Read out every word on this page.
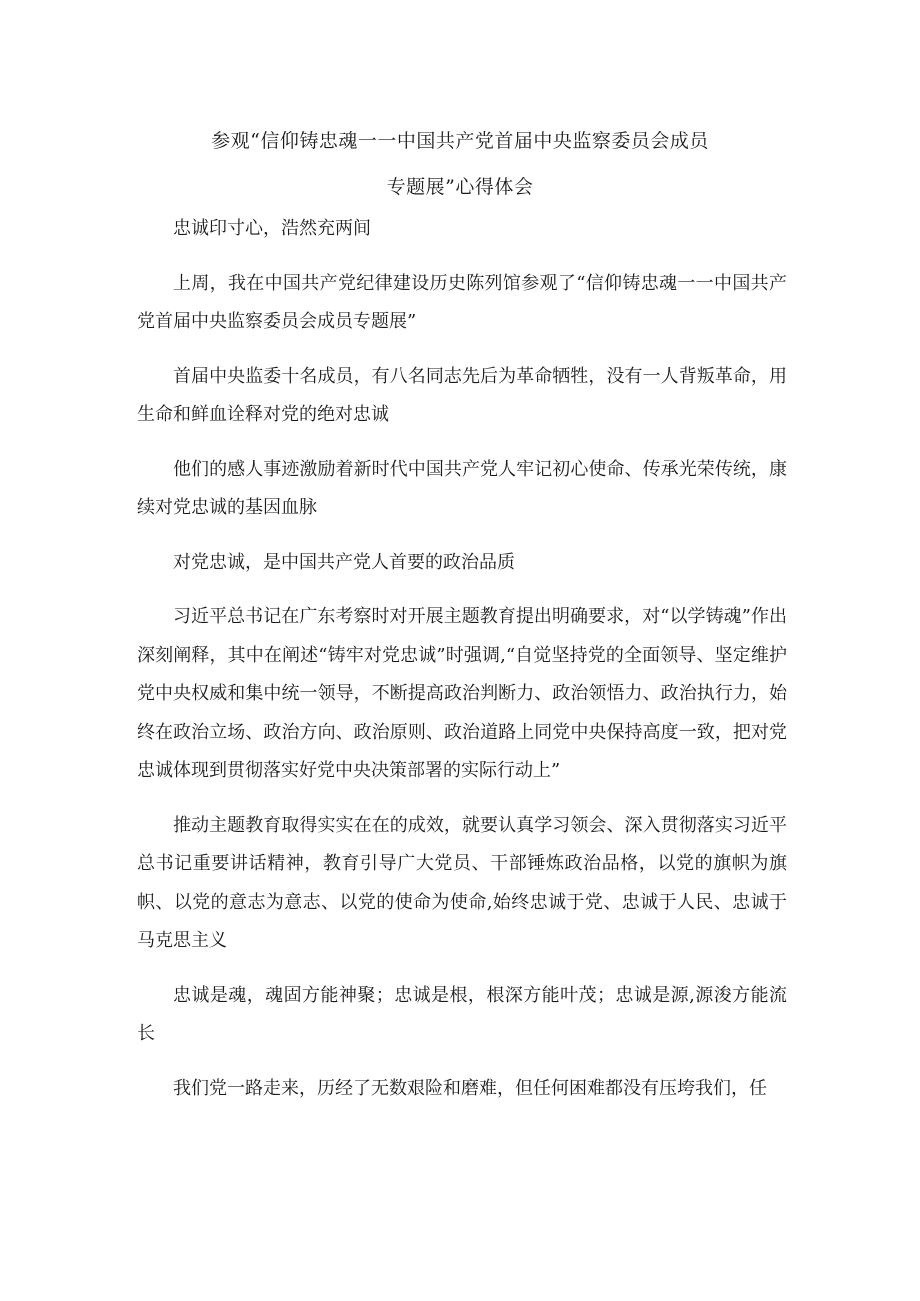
参观“信仰铸忠魂一一中国共产党首届中央监察委员会成员
专题展”心得体会

忠诚印寸心，浩然充两间

上周，我在中国共产党纪律建设历史陈列馆参观了“信仰铸忠魂一一中国共产党首届中央监察委员会成员专题展”

首届中央监委十名成员，有八名同志先后为革命牺牲，没有一人背叛革命，用生命和鲜血诠释对党的绝对忠诚

他们的感人事迹激励着新时代中国共产党人牢记初心使命、传承光荣传统，康续对党忠诚的基因血脉

对党忠诚，是中国共产党人首要的政治品质

习近平总书记在广东考察时对开展主题教育提出明确要求，对“以学铸魂”作出深刻阐释，其中在阐述“铸牢对党忠诚”时强调,“自觉坚持党的全面领导、坚定维护党中央权威和集中统一领导，不断提高政治判断力、政治领悟力、政治执行力，始终在政治立场、政治方向、政治原则、政治道路上同党中央保持高度一致，把对党忠诚体现到贯彻落实好党中央决策部署的实际行动上”

推动主题教育取得实实在在的成效，就要认真学习领会、深入贯彻落实习近平总书记重要讲话精神，教育引导广大党员、干部锤炼政治品格，以党的旗帜为旗帜、以党的意志为意志、以党的使命为使命,始终忠诚于党、忠诚于人民、忠诚于马克思主义

忠诚是魂，魂固方能神聚；忠诚是根，根深方能叶茂；忠诚是源,源浚方能流长

我们党一路走来，历经了无数艰险和磨难，但任何困难都没有压垮我们，任
